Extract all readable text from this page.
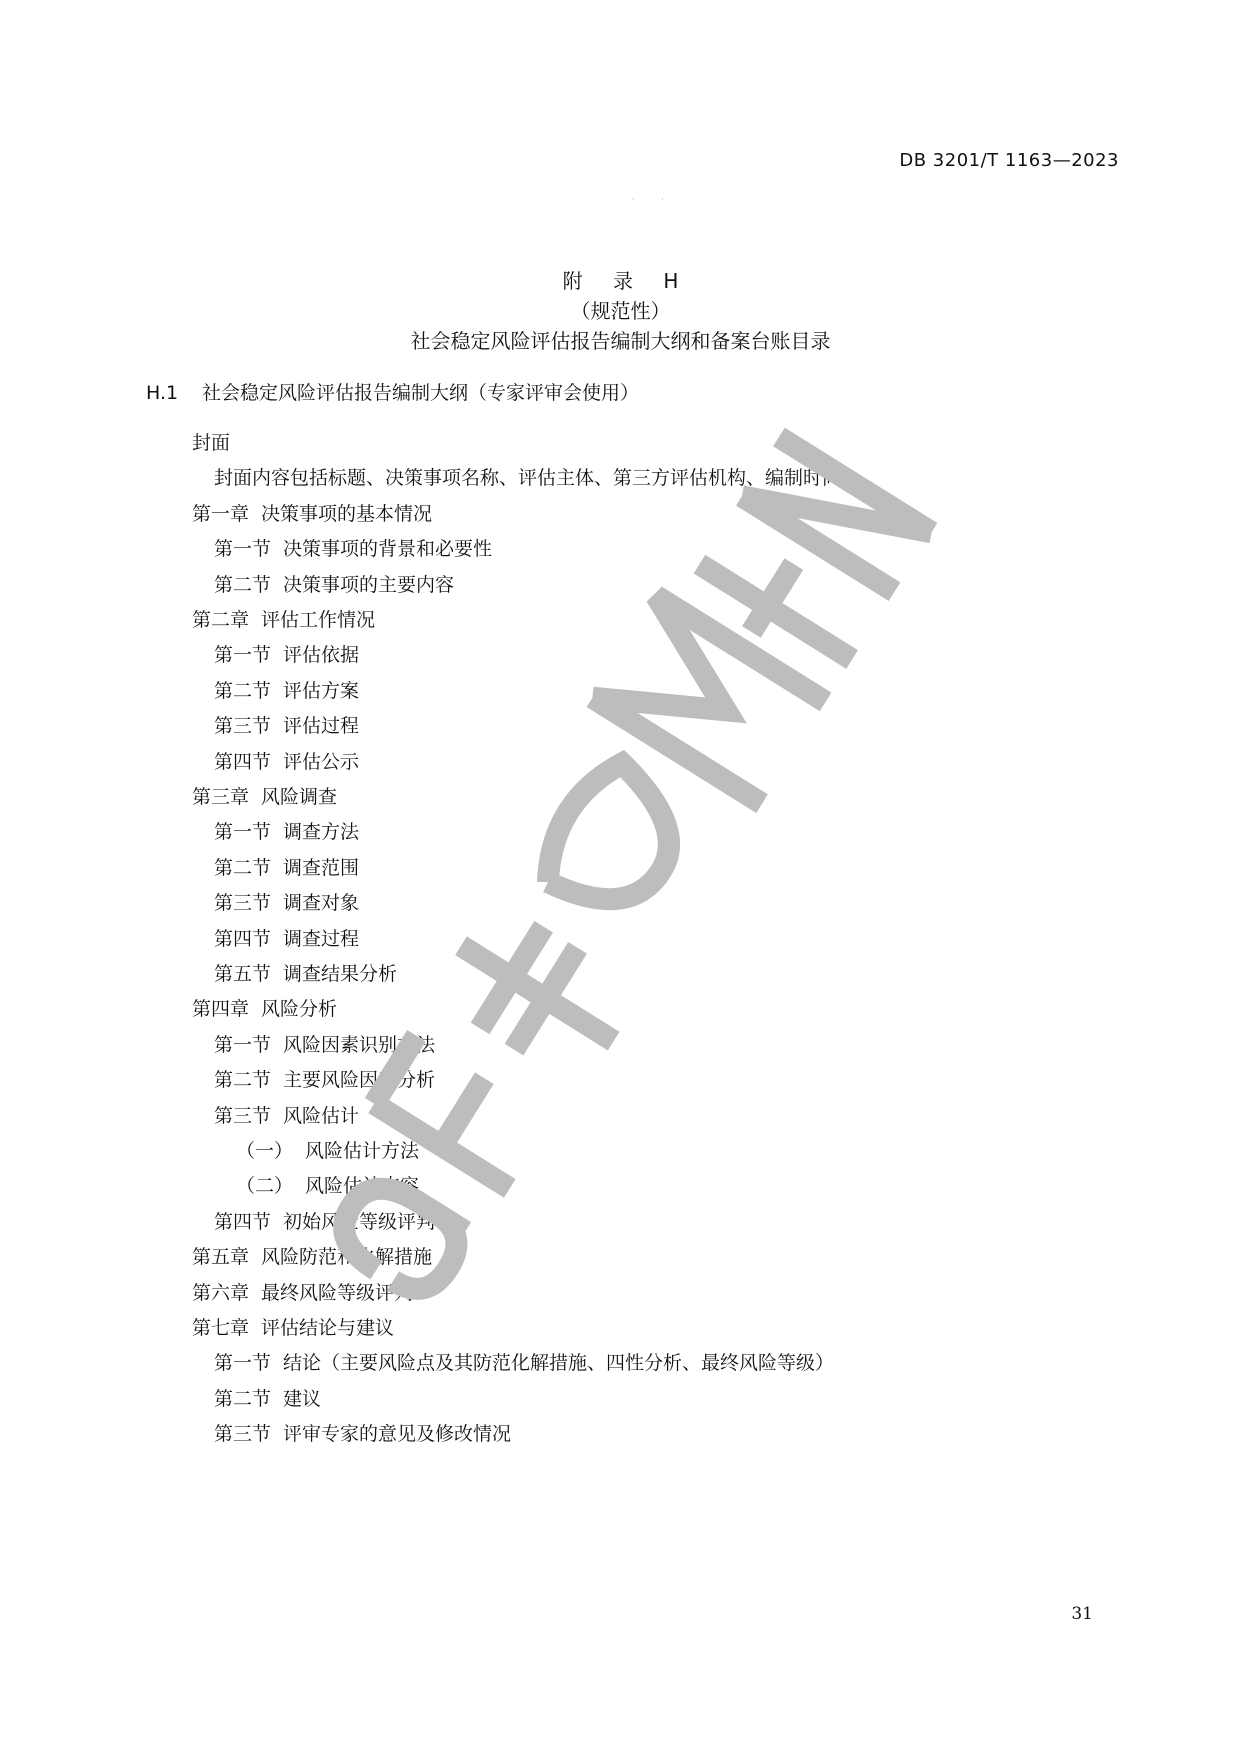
DB 3201/T 1163—2023
· ·
附 录 H
（规范性）
社会稳定风险评估报告编制大纲和备案台账目录
H.1 社会稳定风险评估报告编制大纲（专家评审会使用）
封面
封面内容包括标题、决策事项名称、评估主体、第三方评估机构、编制时间。
第一章 决策事项的基本情况
第一节 决策事项的背景和必要性
第二节 决策事项的主要内容
第二章 评估工作情况
第一节 评估依据
第二节 评估方案
第三节 评估过程
第四节 评估公示
第三章 风险调查
第一节 调查方法
第二节 调查范围
第三节 调查对象
第四节 调查过程
第五节 调查结果分析
第四章 风险分析
第一节 风险因素识别方法
第二节 主要风险因素分析
第三节 风险估计
（一） 风险估计方法
（二） 风险估计内容
第四节 初始风险等级评判
第五章 风险防范和化解措施
第六章 最终风险等级评判
第七章 评估结论与建议
第一节 结论（主要风险点及其防范化解措施、四性分析、最终风险等级）
第二节 建议
第三节 评审专家的意见及修改情况
31
